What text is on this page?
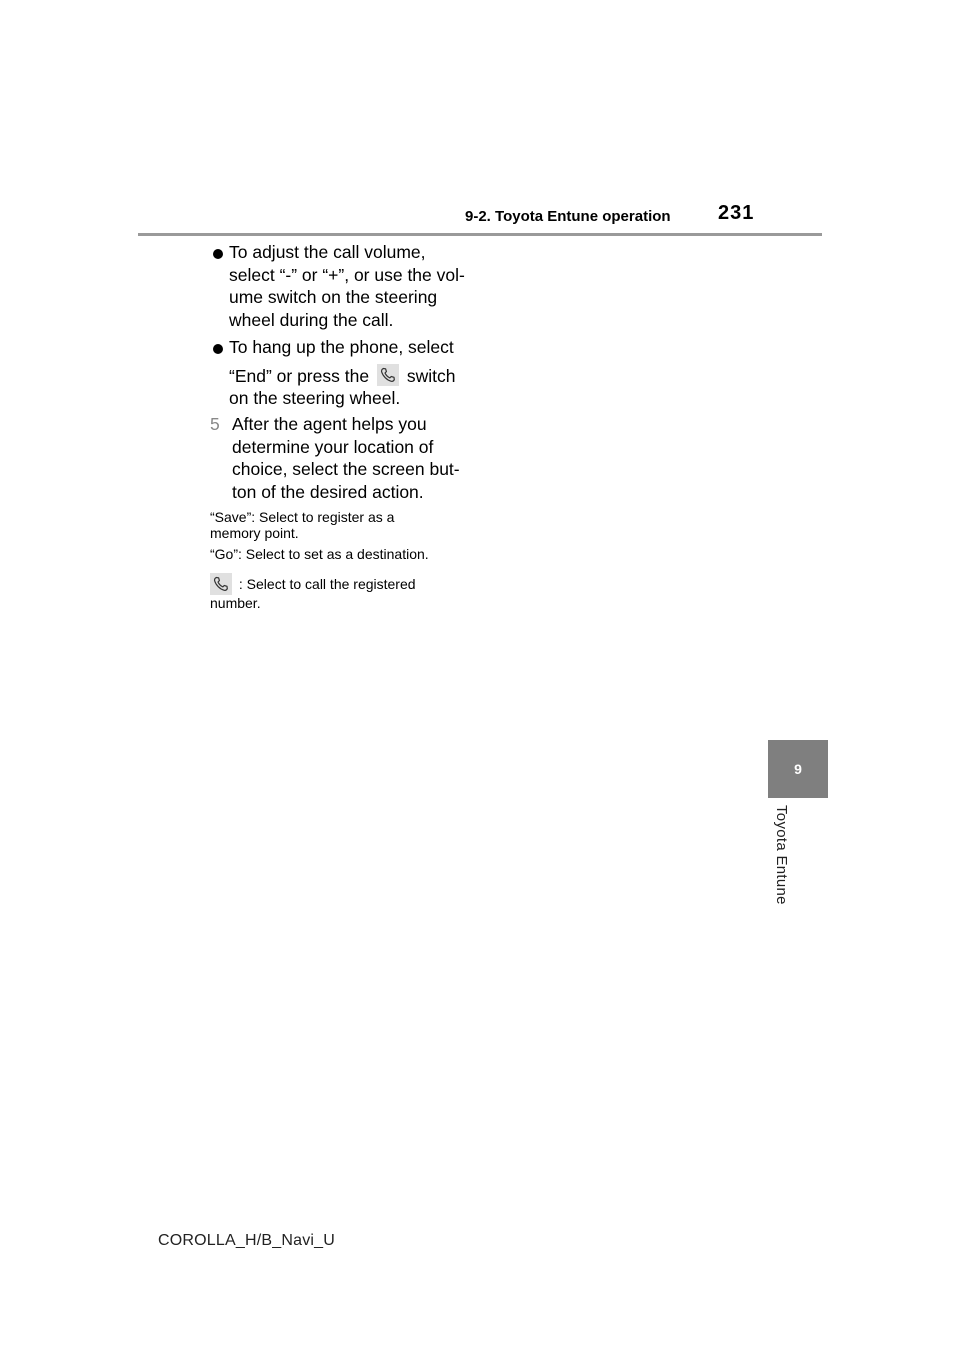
9-2. Toyota Entune operation 231
To adjust the call volume,
select “-” or “+”, or use the vol-
ume switch on the steering
wheel during the call.
To hang up the phone, select
“End” or press the switch
on the steering wheel.
5 After the agent helps you
determine your location of
choice, select the screen but-
ton of the desired action.
“Save”: Select to register as a
memory point.
“Go”: Select to set as a destination.
: Select to call the registered
number.
9
Toyota Entune
COROLLA_H/B_Navi_U
